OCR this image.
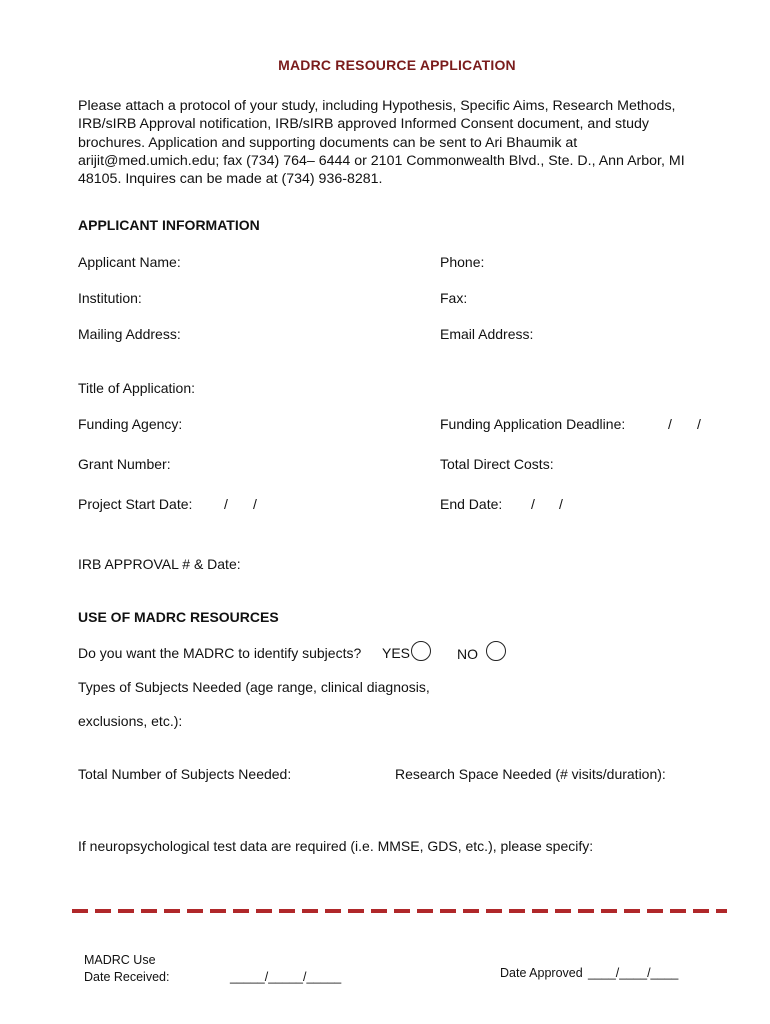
MADRC RESOURCE APPLICATION
Please attach a protocol of your study, including Hypothesis, Specific Aims, Research Methods, IRB/sIRB Approval notification, IRB/sIRB approved Informed Consent document, and study brochures. Application and supporting documents can be sent to Ari Bhaumik at arijit@med.umich.edu; fax (734) 764– 6444 or 2101 Commonwealth Blvd., Ste. D., Ann Arbor, MI 48105. Inquires can be made at (734) 936-8281.
APPLICANT INFORMATION
Applicant Name:	Phone:
Institution:	Fax:
Mailing Address:	Email Address:
Title of Application:
Funding Agency:	Funding Application Deadline:	/ /
Grant Number:	Total Direct Costs:
Project Start Date: / /	End Date: / /
IRB APPROVAL # & Date:
USE OF MADRC RESOURCES
Do you want the MADRC to identify subjects? YES	NO
Types of Subjects Needed (age range, clinical diagnosis,
exclusions, etc.):
Total Number of Subjects Needed:	Research Space Needed (# visits/duration):
If neuropsychological test data are required (i.e. MMSE, GDS, etc.), please specify:
MADRC Use
Date Received:	_____/_____/_____	Date Approved ____/____/____
